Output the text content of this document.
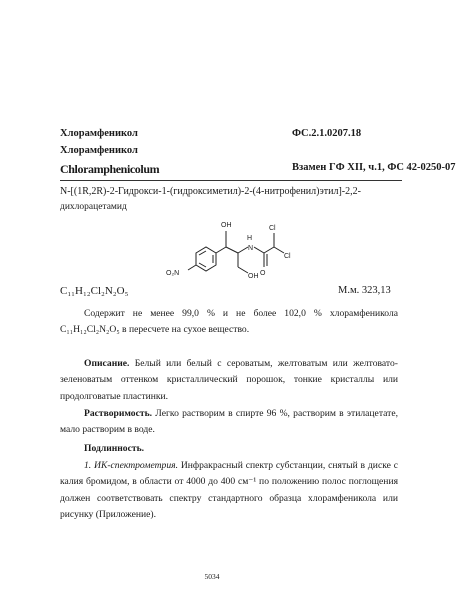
Хлорамфеникол	ФС.2.1.0207.18
Хлорамфеникол
Chloramphenicolum	Взамен ГФ XII, ч.1, ФС 42-0250-07
N-[(1R,2R)-2-Гидрокси-1-(гидроксиметил)-2-(4-нитрофенил)этил]-2,2-
дихлорацетамид
OH
H
N
O
Cl
Cl
OH
O₂N
C₁₁H₁₂Cl₂N₂O₅	М.м. 323,13

Содержит не менее 99,0 % и не более 102,0 % хлорамфеникола C₁₁H₁₂Cl₂N₂O₅ в пересчете на сухое вещество.

Описание. Белый или белый с сероватым, желтоватым или желтовато-зеленоватым оттенком кристаллический порошок, тонкие кристаллы или продолговатые пластинки.

Растворимость. Легко растворим в спирте 96 %, растворим в этилацетате, мало растворим в воде.

Подлинность.

1. ИК-спектрометрия. Инфракрасный спектр субстанции, снятый в диске с калия бромидом, в области от 4000 до 400 см⁻¹ по положению полос поглощения должен соответствовать спектру стандартного образца хлорамфеникола или рисунку (Приложение).

5034
